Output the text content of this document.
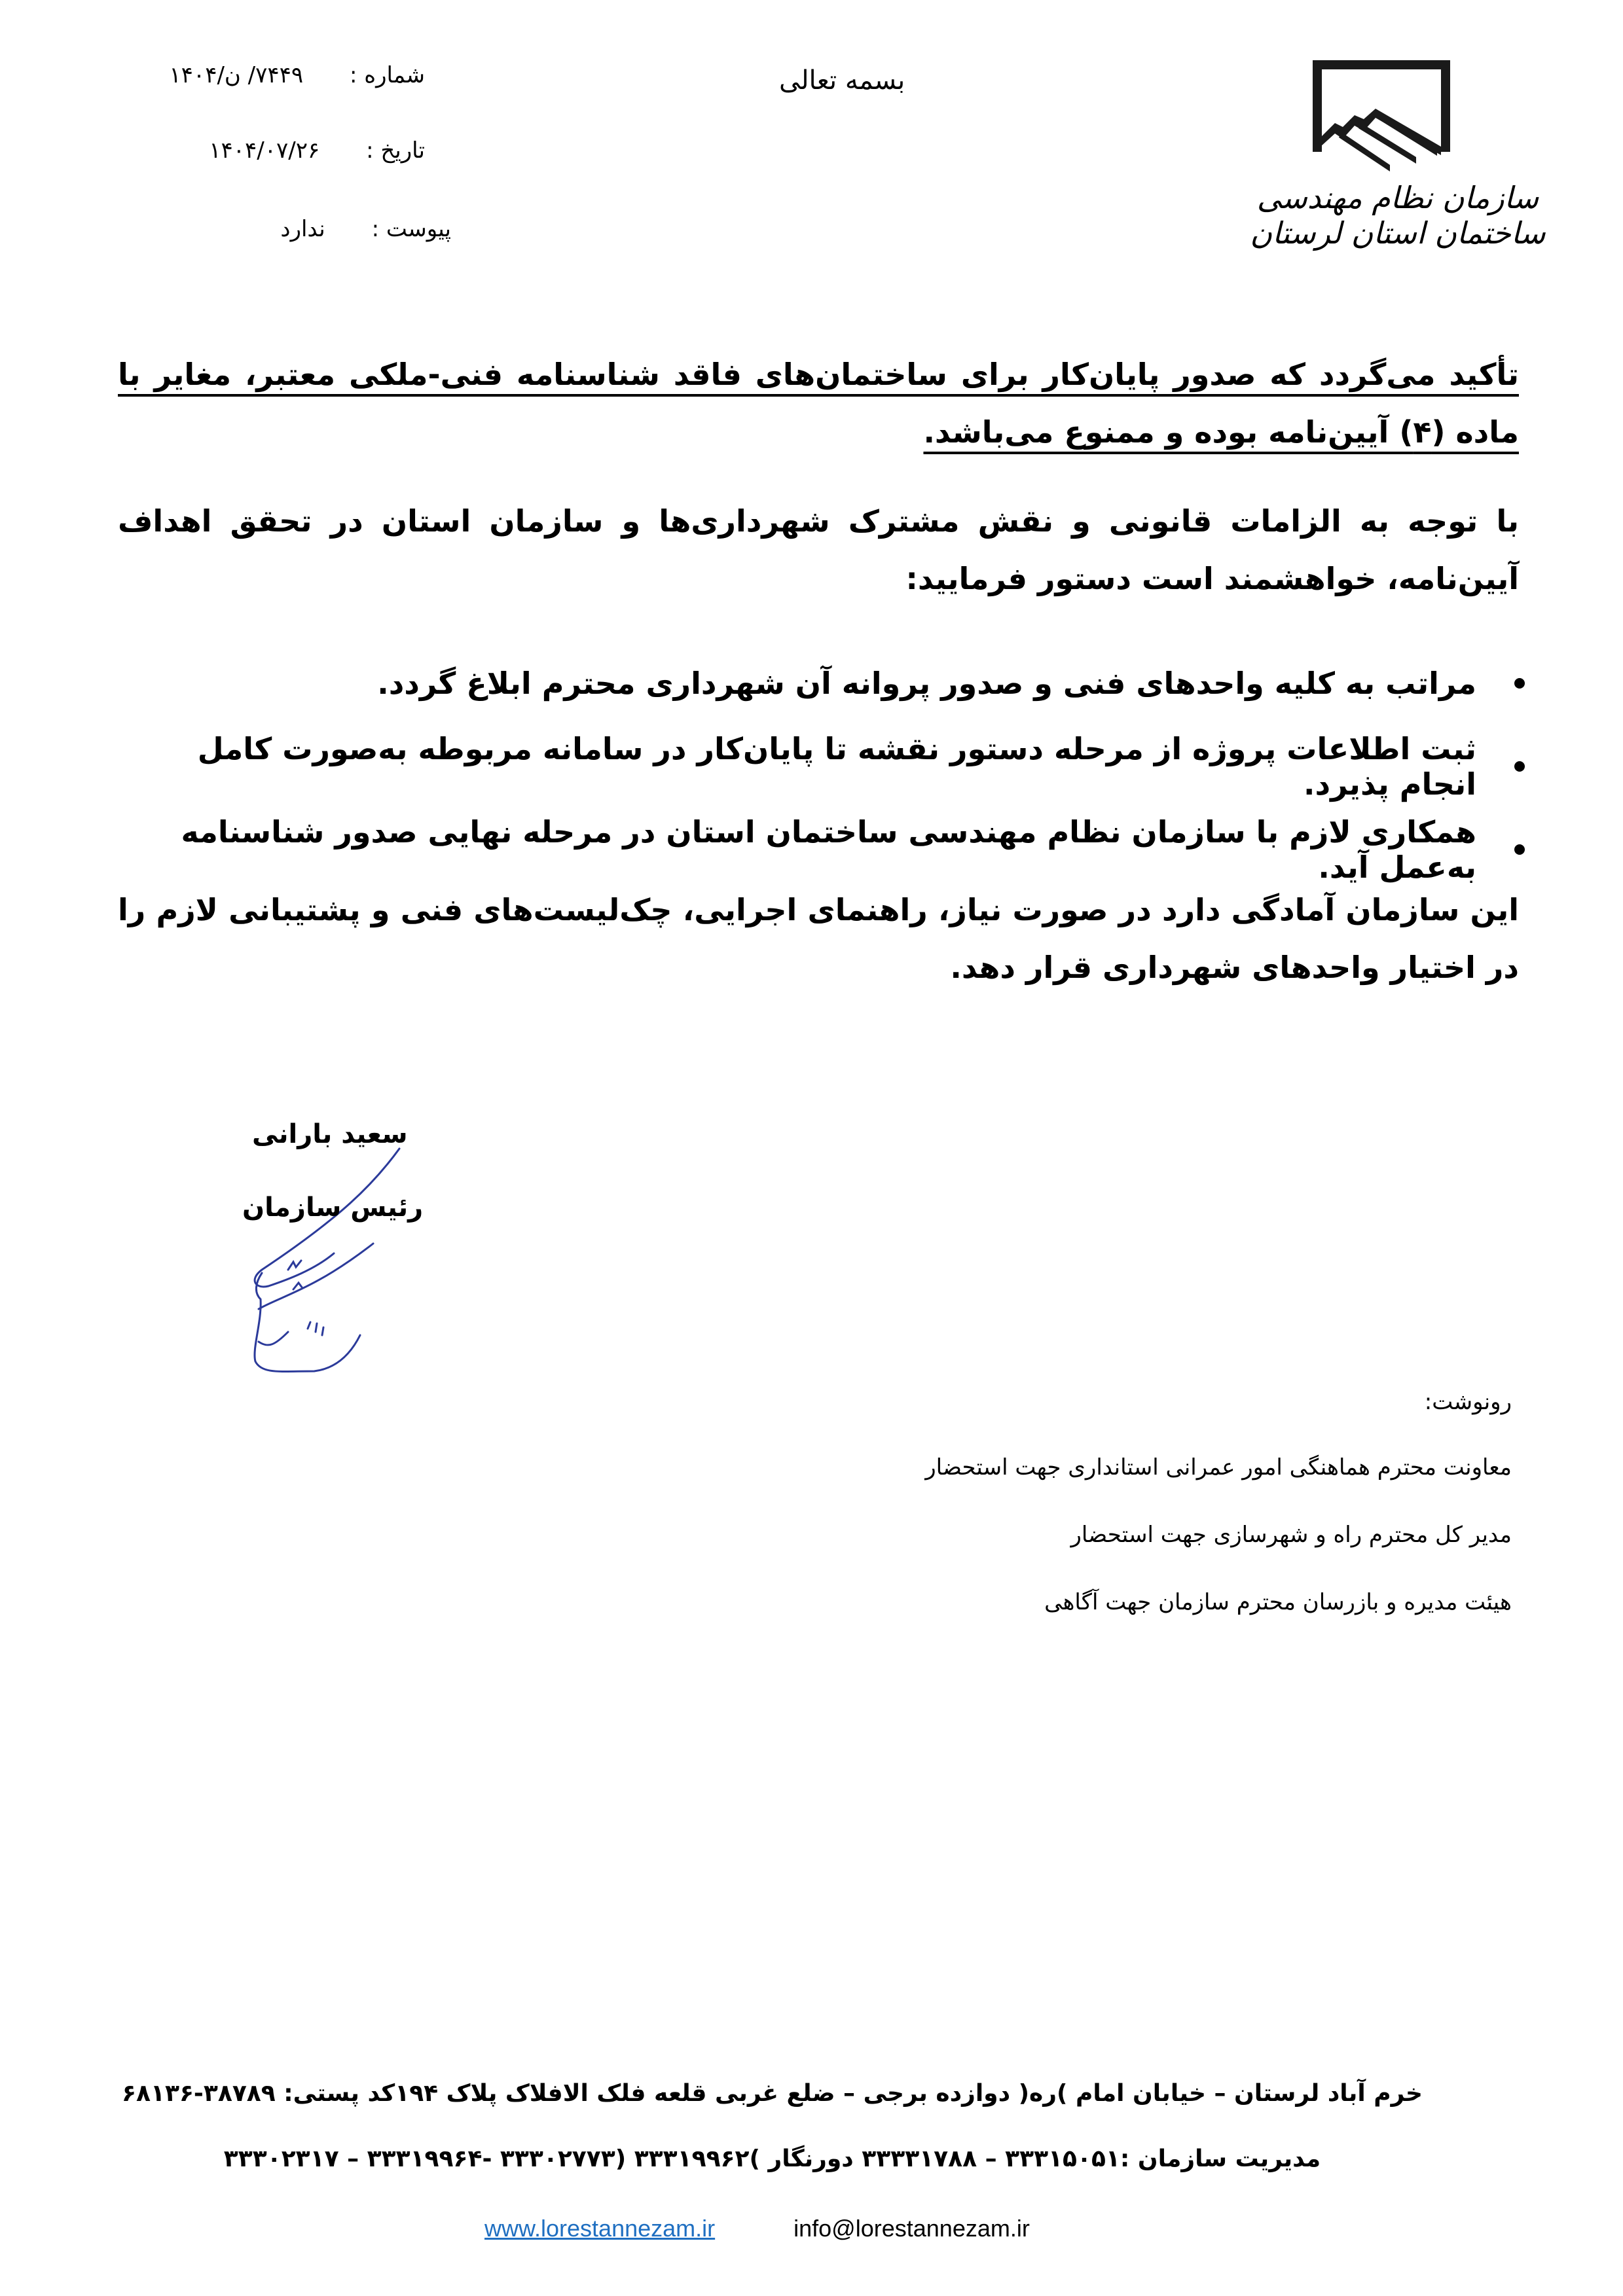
بسمه تعالی
شماره : ۷۴۴۹/ ن/۱۴۰۴
تاریخ : ۱۴۰۴/۰۷/۲۶
پیوست : ندارد
سازمان نظام مهندسی ساختمان استان لرستان
تأکید می‌گردد که صدور پایان‌کار برای ساختمان‌های فاقد شناسنامه فنی-ملکی معتبر، مغایر با ماده (۴) آیین‌نامه بوده و ممنوع می‌باشد.
با توجه به الزامات قانونی و نقش مشترک شهرداری‌ها و سازمان استان در تحقق اهداف آیین‌نامه، خواهشمند است دستور فرمایید:
مراتب به کلیه واحدهای فنی و صدور پروانه آن شهرداری محترم ابلاغ گردد.
ثبت اطلاعات پروژه از مرحله دستور نقشه تا پایان‌کار در سامانه مربوطه به‌صورت کامل انجام پذیرد.
همکاری لازم با سازمان نظام مهندسی ساختمان استان در مرحله نهایی صدور شناسنامه به‌عمل آید.
این سازمان آمادگی دارد در صورت نیاز، راهنمای اجرایی، چک‌لیست‌های فنی و پشتیبانی لازم را در اختیار واحدهای شهرداری قرار دهد.
سعید بارانی
رئیس سازمان
رونوشت:
معاونت محترم هماهنگی امور عمرانی استانداری جهت استحضار
مدیر کل محترم راه و شهرسازی جهت استحضار
هیئت مدیره و بازرسان محترم سازمان جهت آگاهی
خرم آباد لرستان – خیابان امام )ره( دوازده برجی – ضلع غربی قلعه فلک الافلاک پلاک ۱۹۴کد پستی: ۳۸۷۸۹-۶۸۱۳۶
مدیریت سازمان :۳۳۳۱۵۰۵۱ – ۳۳۳۳۱۷۸۸ دورنگار )۳۳۳۱۹۹۶۲ (۳۳۳۰۲۷۷۳ -۳۳۳۱۹۹۶۴ – ۳۳۳۰۲۳۱۷
www.lorestannezam.ir	info@lorestannezam.ir
